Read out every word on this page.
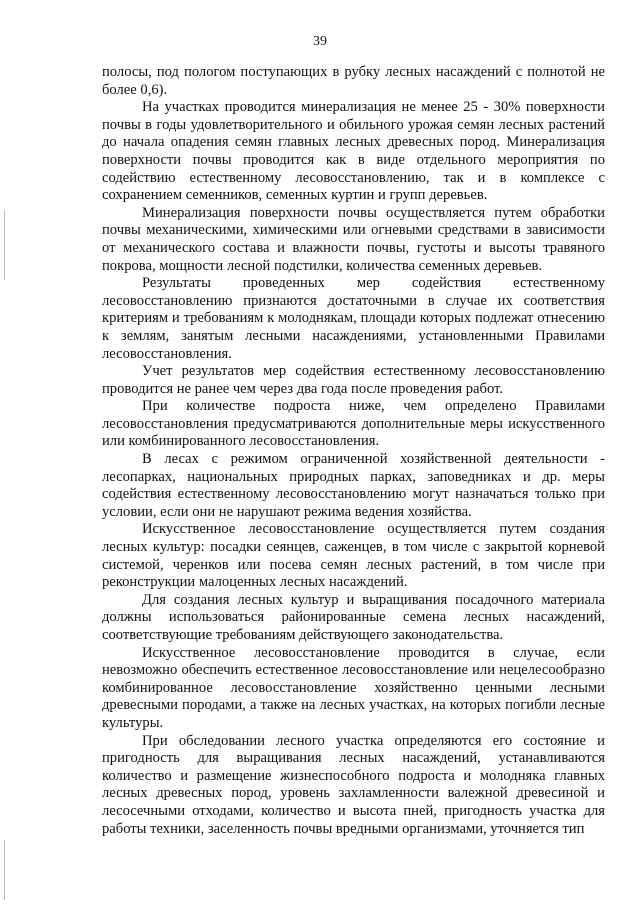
39

полосы, под пологом поступающих в рубку лесных насаждений с полнотой не более 0,6).

На участках проводится минерализация не менее 25 - 30% поверхности почвы в годы удовлетворительного и обильного урожая семян лесных растений до начала опадения семян главных лесных древесных пород. Минерализация поверхности почвы проводится как в виде отдельного мероприятия по содействию естественному лесовосстановлению, так и в комплексе с сохранением семенников, семенных куртин и групп деревьев.

Минерализация поверхности почвы осуществляется путем обработки почвы механическими, химическими или огневыми средствами в зависимости от механического состава и влажности почвы, густоты и высоты травяного покрова, мощности лесной подстилки, количества семенных деревьев.

Результаты проведенных мер содействия естественному лесовосстановлению признаются достаточными в случае их соответствия критериям и требованиям к молоднякам, площади которых подлежат отнесению к землям, занятым лесными насаждениями, установленными Правилами лесовосстановления.

Учет результатов мер содействия естественному лесовосстановлению проводится не ранее чем через два года после проведения работ.

При количестве подроста ниже, чем определено Правилами лесовосстановления предусматриваются дополнительные меры искусственного или комбинированного лесовосстановления.

В лесах с режимом ограниченной хозяйственной деятельности - лесопарках, национальных природных парках, заповедниках и др. меры содействия естественному лесовосстановлению могут назначаться только при условии, если они не нарушают режима ведения хозяйства.

Искусственное лесовосстановление осуществляется путем создания лесных культур: посадки сеянцев, саженцев, в том числе с закрытой корневой системой, черенков или посева семян лесных растений, в том числе при реконструкции малоценных лесных насаждений.

Для создания лесных культур и выращивания посадочного материала должны использоваться районированные семена лесных насаждений, соответствующие требованиям действующего законодательства.

Искусственное лесовосстановление проводится в случае, если невозможно обеспечить естественное лесовосстановление или нецелесообразно комбинированное лесовосстановление хозяйственно ценными лесными древесными породами, а также на лесных участках, на которых погибли лесные культуры.

При обследовании лесного участка определяются его состояние и пригодность для выращивания лесных насаждений, устанавливаются количество и размещение жизнеспособного подроста и молодняка главных лесных древесных пород, уровень захламленности валежной древесиной и лесосечными отходами, количество и высота пней, пригодность участка для работы техники, заселенность почвы вредными организмами, уточняется тип
